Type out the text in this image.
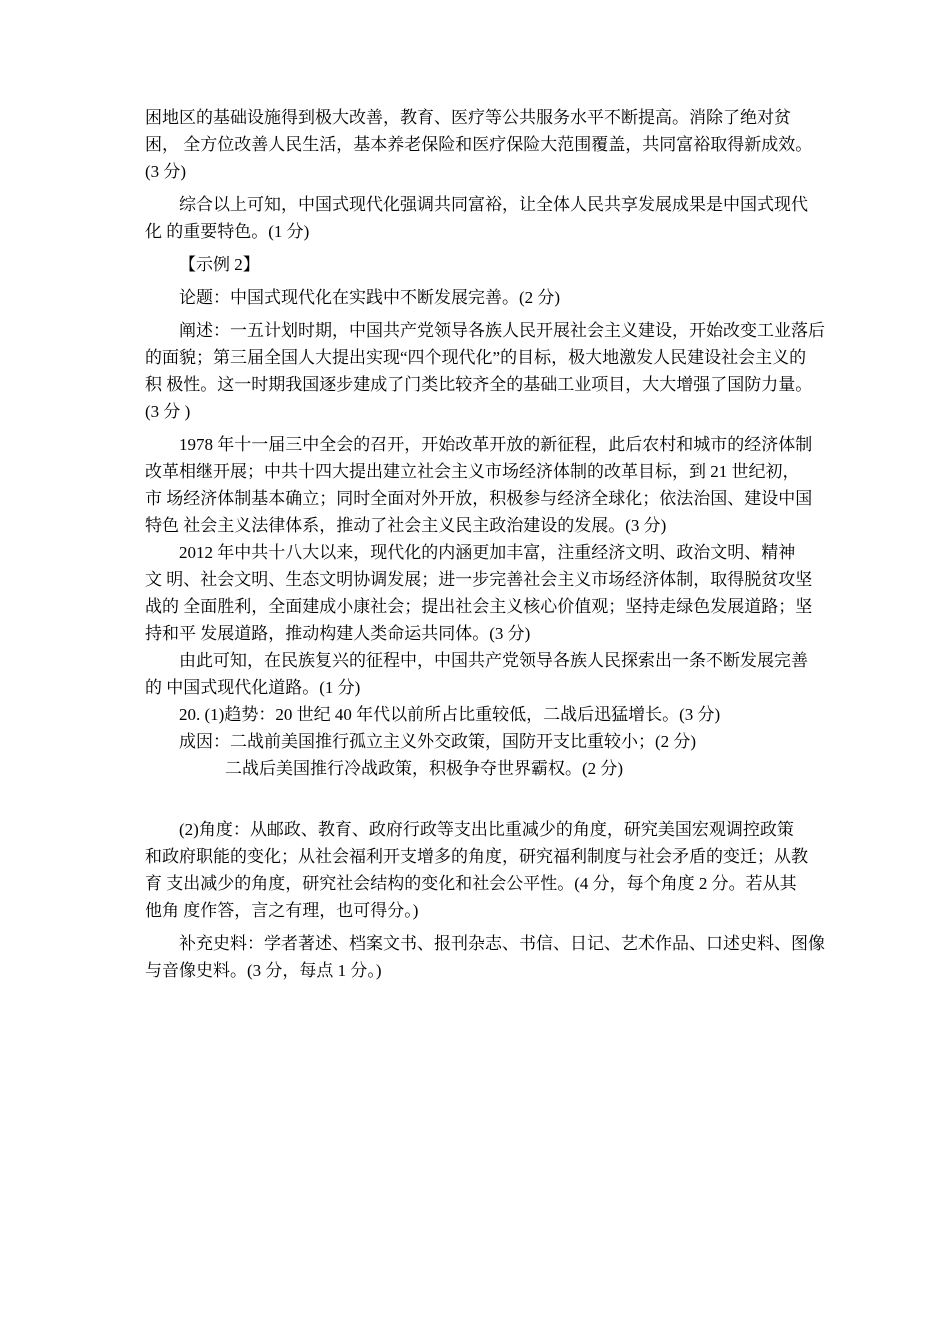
困地区的基础设施得到极大改善，教育、医疗等公共服务水平不断提高。消除了绝对贫

困， 全方位改善人民生活，基本养老保险和医疗保险大范围覆盖，共同富裕取得新成效。

(3 分)

综合以上可知，中国式现代化强调共同富裕，让全体人民共享发展成果是中国式现代

化 的重要特色。(1 分)

【示例 2】

论题：中国式现代化在实践中不断发展完善。(2 分)

阐述：一五计划时期，中国共产党领导各族人民开展社会主义建设，开始改变工业落后

的面貌；第三届全国人大提出实现“四个现代化”的目标，极大地激发人民建设社会主义的

积 极性。这一时期我国逐步建成了门类比较齐全的基础工业项目，大大增强了国防力量。

(3 分 )

1978 年十一届三中全会的召开，开始改革开放的新征程，此后农村和城市的经济体制

改革相继开展；中共十四大提出建立社会主义市场经济体制的改革目标，到 21 世纪初，

市 场经济体制基本确立；同时全面对外开放，积极参与经济全球化；依法治国、建设中国

特色 社会主义法律体系，推动了社会主义民主政治建设的发展。(3 分)

2012 年中共十八大以来，现代化的内涵更加丰富，注重经济文明、政治文明、精神

文 明、社会文明、生态文明协调发展；进一步完善社会主义市场经济体制，取得脱贫攻坚

战的 全面胜利，全面建成小康社会；提出社会主义核心价值观；坚持走绿色发展道路；坚

持和平 发展道路，推动构建人类命运共同体。(3 分)

由此可知，在民族复兴的征程中，中国共产党领导各族人民探索出一条不断发展完善

的 中国式现代化道路。(1 分)

20. (1)趋势：20 世纪 40 年代以前所占比重较低，二战后迅猛增长。(3 分)

成因：二战前美国推行孤立主义外交政策，国防开支比重较小；(2 分)

二战后美国推行冷战政策，积极争夺世界霸权。(2 分)

(2)角度：从邮政、教育、政府行政等支出比重减少的角度，研究美国宏观调控政策

和政府职能的变化；从社会福利开支增多的角度，研究福利制度与社会矛盾的变迁；从教

育 支出减少的角度，研究社会结构的变化和社会公平性。(4 分，每个角度 2 分。若从其

他角 度作答，言之有理，也可得分。)

补充史料：学者著述、档案文书、报刊杂志、书信、日记、艺术作品、口述史料、图像

与音像史料。(3 分，每点 1 分。)
